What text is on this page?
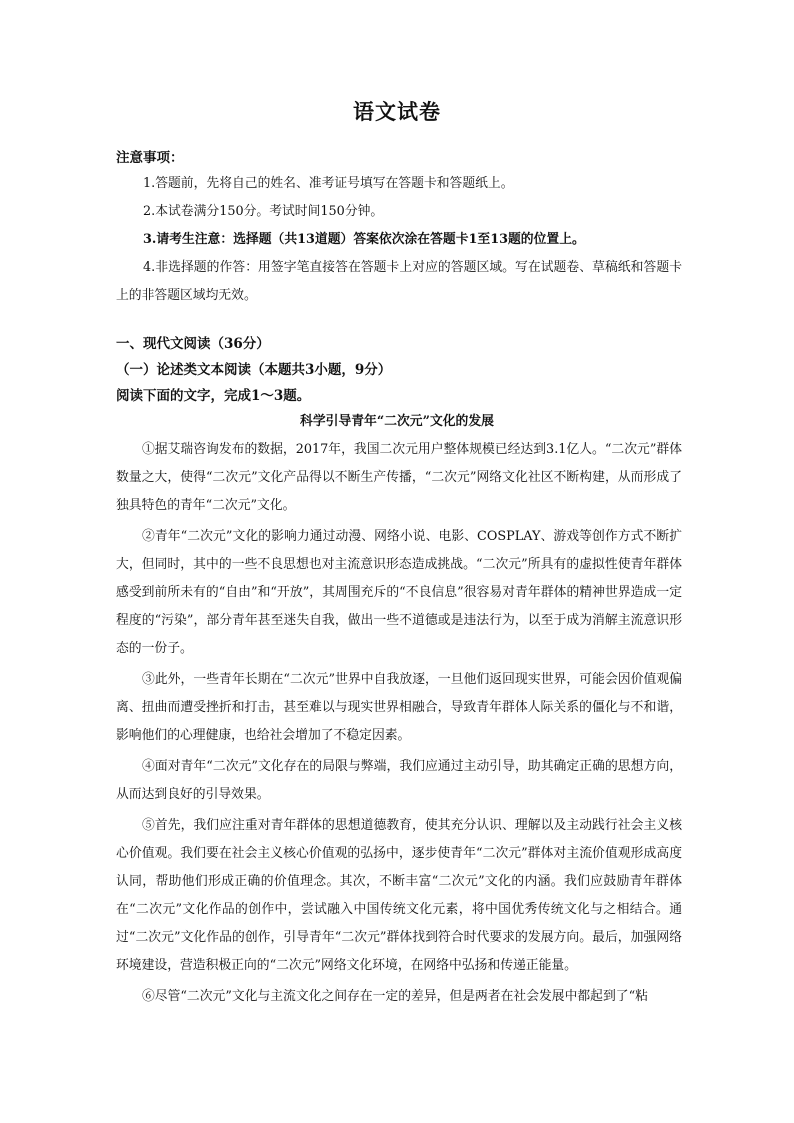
语文试卷
注意事项：
1.答题前，先将自己的姓名、准考证号填写在答题卡和答题纸上。
2.本试卷满分150分。考试时间150分钟。
3.请考生注意：选择题（共13道题）答案依次涂在答题卡1至13题的位置上。
4.非选择题的作答：用签字笔直接答在答题卡上对应的答题区域。写在试题卷、草稿纸和答题卡上的非答题区域均无效。
一、现代文阅读（36分）
（一）论述类文本阅读（本题共3小题，9分）
阅读下面的文字，完成1～3题。
科学引导青年“二次元”文化的发展

①据艾瑞咨询发布的数据，2017年，我国二次元用户整体规模已经达到3.1亿人。“二次元”群体数量之大，使得“二次元”文化产品得以不断生产传播，“二次元”网络文化社区不断构建，从而形成了独具特色的青年“二次元”文化。

②青年“二次元”文化的影响力通过动漫、网络小说、电影、COSPLAY、游戏等创作方式不断扩大，但同时，其中的一些不良思想也对主流意识形态造成挑战。“二次元”所具有的虚拟性使青年群体感受到前所未有的“自由”和“开放”，其周围充斥的“不良信息”很容易对青年群体的精神世界造成一定程度的“污染”，部分青年甚至迷失自我，做出一些不道德或是违法行为，以至于成为消解主流意识形态的一份子。

③此外，一些青年长期在“二次元”世界中自我放逐，一旦他们返回现实世界，可能会因价值观偏离、扭曲而遭受挫折和打击，甚至难以与现实世界相融合，导致青年群体人际关系的僵化与不和谐，影响他们的心理健康，也给社会增加了不稳定因素。

④面对青年“二次元”文化存在的局限与弊端，我们应通过主动引导，助其确定正确的思想方向，从而达到良好的引导效果。

⑤首先，我们应注重对青年群体的思想道德教育，使其充分认识、理解以及主动践行社会主义核心价值观。我们要在社会主义核心价值观的弘扬中，逐步使青年“二次元”群体对主流价值观形成高度认同，帮助他们形成正确的价值理念。其次，不断丰富“二次元”文化的内涵。我们应鼓励青年群体在“二次元”文化作品的创作中，尝试融入中国传统文化元素，将中国优秀传统文化与之相结合。通过“二次元”文化作品的创作，引导青年“二次元”群体找到符合时代要求的发展方向。最后，加强网络环境建设，营造积极正向的“二次元”网络文化环境，在网络中弘扬和传递正能量。

⑥尽管“二次元”文化与主流文化之间存在一定的差异，但是两者在社会发展中都起到了“粘
